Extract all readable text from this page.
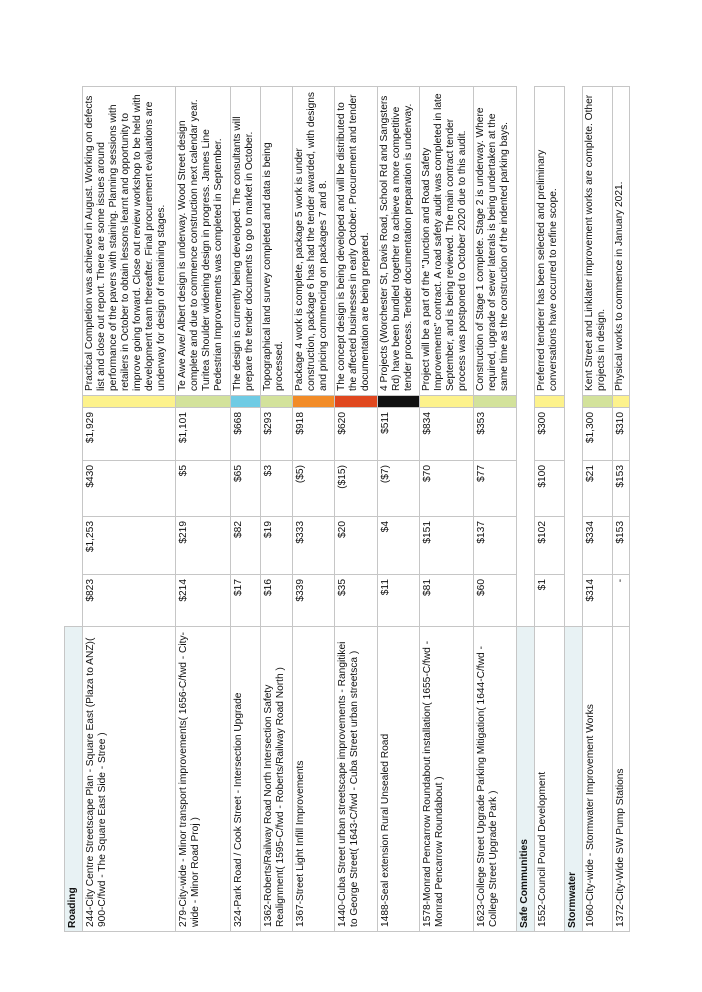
Roading						
244-City Centre Streetscape Plan - Square East (Plaza to ANZ)( 900-C/fwd - The Square East Side - Stree )	$823	$1,253	$430	$1,929		Practical Completion was achieved in August. Working on defects list and close out report. There are some issues around performance of the pavers with staining. Planning sessions with retailers in October to obtain lessons learnt and opportunity to improve going forward. Close out review workshop to be held with development team thereafter. Final procurement evaluations are underway for design of remaining stages.
279-City-wide - Minor transport improvements( 1656-C/fwd - City-wide - Minor Road Proj )	$214	$219	$5	$1,101		Te Awe Awe/ Albert design is underway. Wood Street design complete and due to commence construction next calendar year. Turitea Shoulder widening design in progress. James Line Pedestrian Improvements was completed in September.
324-Park Road / Cook Street - Intersection Upgrade	$17	$82	$65	$668		The design is currently being developed. The consultants will prepare the tender documents to go to market in October.
1362-Roberts/Railway Road North Intersection Safety Realignment( 1595-C/fwd - Roberts/Railway Road North )	$16	$19	$3	$293		Topographical land survey completed and data is being processed.
1367-Street Light Infill Improvements	$339	$333	($5)	$918		Package 4 work is complete, package 5 work is under construction, package 6 has had the tender awarded, with designs and pricing commencing on packages 7 and 8.
1440-Cuba Street urban streetscape improvements - Rangitikei to George Street( 1643-C/fwd - Cuba Street urban streetsca )	$35	$20	($15)	$620		The concept design is being developed and will be distributed to the affected businesses in early October. Procurement and tender documentation are being prepared.
1488-Seal extension Rural Unsealed Road	$11	$4	($7)	$511		4 Projects (Worchester St, Davis Road, School Rd and Sangsters Rd) have been bundled together to achieve a more competitive tender process. Tender documentation preparation is underway.
1578-Monrad Pencarrow Roundabout installation( 1655-C/fwd - Monrad Pencarrow Roundabout )	$81	$151	$70	$834		Project will be a part of the "Junction and Road Safety Improvements" contract. A road safety audit was completed in late September, and is being reviewed. The main contract tender process was postponed to October 2020 due to this audit.
1623-College Street Upgrade Parking Mitigation( 1644-C/fwd - College Street Upgrade Park )	$60	$137	$77	$353		Construction of Stage 1 complete. Stage 2 is underway. Where required, upgrade of sewer laterals is being undertaken at the same time as the construction of the indented parking bays.
Safe Communities						
1552-Council Pound Development	$1	$102	$100	$300		Preferred tenderer has been selected and preliminary conversations have occurred to refine scope.
Stormwater						
1060-City-wide - Stormwater Improvement Works	$314	$334	$21	$1,300		Kent Street and Linklater improvement works are complete. Other projects in design.
1372-City-Wide SW Pump Stations	-	$153	$153	$310		Physical works to commence in January 2021.
